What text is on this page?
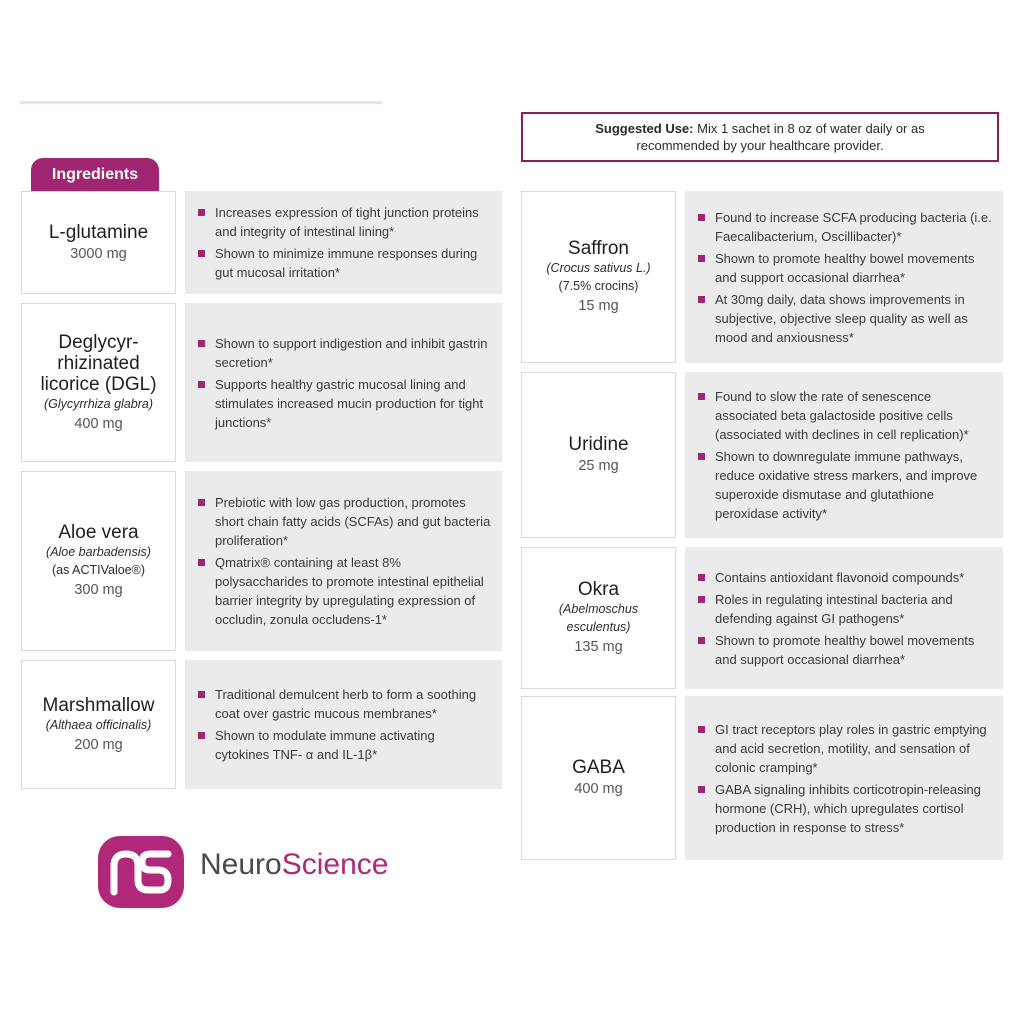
Suggested Use: Mix 1 sachet in 8 oz of water daily or as recommended by your healthcare provider.
Ingredients
L-glutamine
3000 mg
Increases expression of tight junction proteins and integrity of intestinal lining*
Shown to minimize immune responses during gut mucosal irritation*
Deglycyr-rhizinated licorice (DGL)
(Glycyrrhiza glabra)
400 mg
Shown to support indigestion and inhibit gastrin secretion*
Supports healthy gastric mucosal lining and stimulates increased mucin production for tight junctions*
Aloe vera
(Aloe barbadensis)
(as ACTIValoe®)
300 mg
Prebiotic with low gas production, promotes short chain fatty acids (SCFAs) and gut bacteria proliferation*
Qmatrix® containing at least 8% polysaccharides to promote intestinal epithelial barrier integrity by upregulating expression of occludin, zonula occludens-1*
Marshmallow
(Althaea officinalis)
200 mg
Traditional demulcent herb to form a soothing coat over gastric mucous membranes*
Shown to modulate immune activating cytokines TNF- α and IL-1β*
Saffron
(Crocus sativus L.)
(7.5% crocins)
15 mg
Found to increase SCFA producing bacteria (i.e. Faecalibacterium, Oscillibacter)*
Shown to promote healthy bowel movements and support occasional diarrhea*
At 30mg daily, data shows improvements in subjective, objective sleep quality as well as mood and anxiousness*
Uridine
25 mg
Found to slow the rate of senescence associated beta galactoside positive cells (associated with declines in cell replication)*
Shown to downregulate immune pathways, reduce oxidative stress markers, and improve superoxide dismutase and glutathione peroxidase activity*
Okra
(Abelmoschus esculentus)
135 mg
Contains antioxidant flavonoid compounds*
Roles in regulating intestinal bacteria and defending against GI pathogens*
Shown to promote healthy bowel movements and support occasional diarrhea*
GABA
400 mg
GI tract receptors play roles in gastric emptying and acid secretion, motility, and sensation of colonic cramping*
GABA signaling inhibits corticotropin-releasing hormone (CRH), which upregulates cortisol production in response to stress*
NeuroScience
